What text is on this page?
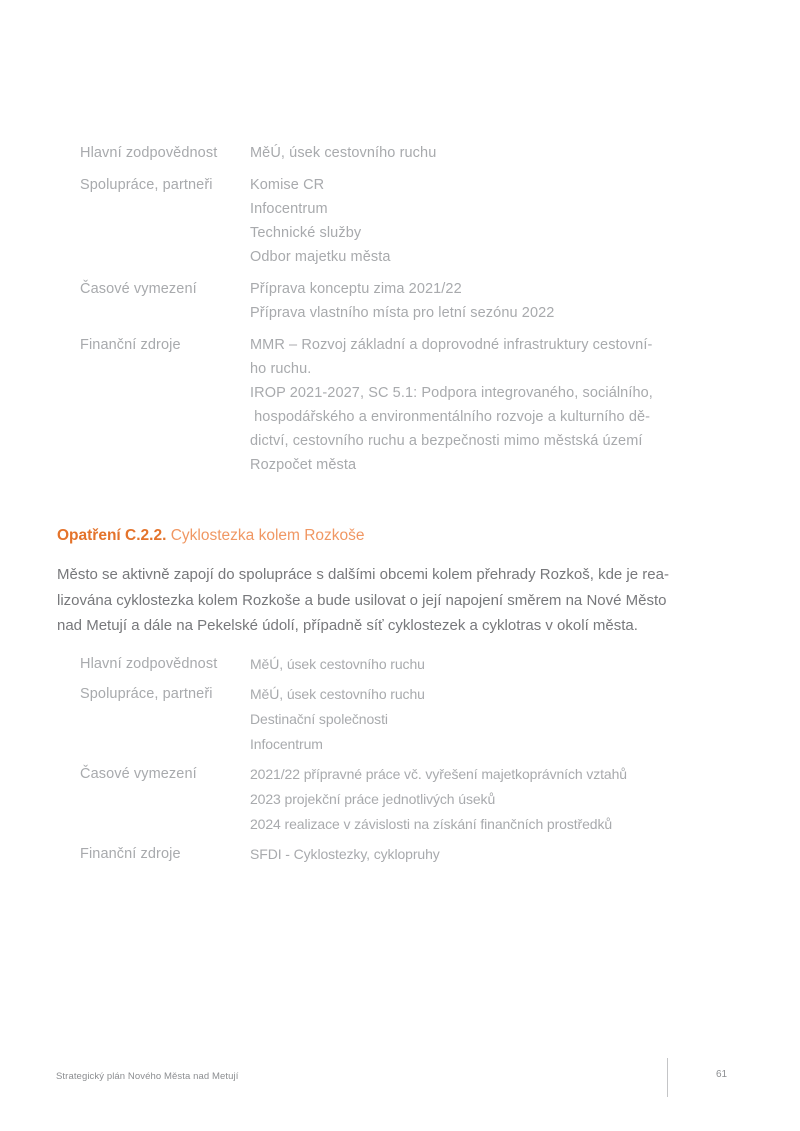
Hlavní zodpovědnost	MěÚ, úsek cestovního ruchu
Spolupráce, partneři	Komise CR
Infocentrum
Technické služby
Odbor majetku města
Časové vymezení	Příprava konceptu zima 2021/22
Příprava vlastního místa pro letní sezónu 2022
Finanční zdroje	MMR – Rozvoj základní a doprovodné infrastruktury cestovní-
ho ruchu.
IROP 2021-2027, SC 5.1: Podpora integrovaného, sociálního,
hospodářského a environmentálního rozvoje a kulturního dě-
dictví, cestovního ruchu a bezpečnosti mimo městská území
Rozpočet města
Opatření C.2.2. Cyklostezka kolem Rozkoše
Město se aktivně zapojí do spolupráce s dalšími obcemi kolem přehrady Rozkoš, kde je rea-
lizována cyklostezka kolem Rozkoše a bude usilovat o její napojení směrem na Nové Město
nad Metují a dále na Pekelské údolí, případně síť cyklostezek a cyklotras v okolí města.
Hlavní zodpovědnost	MěÚ, úsek cestovního ruchu
Spolupráce, partneři	MěÚ, úsek cestovního ruchu
Destinační společnosti
Infocentrum
Časové vymezení	2021/22 přípravné práce vč. vyřešení majetkoprávních vztahů
2023 projekční práce jednotlivých úseků
2024 realizace v závislosti na získání finančních prostředků
Finanční zdroje	SFDI - Cyklostezky, cyklopruhy
Strategický plán Nového Města nad Metují	61
